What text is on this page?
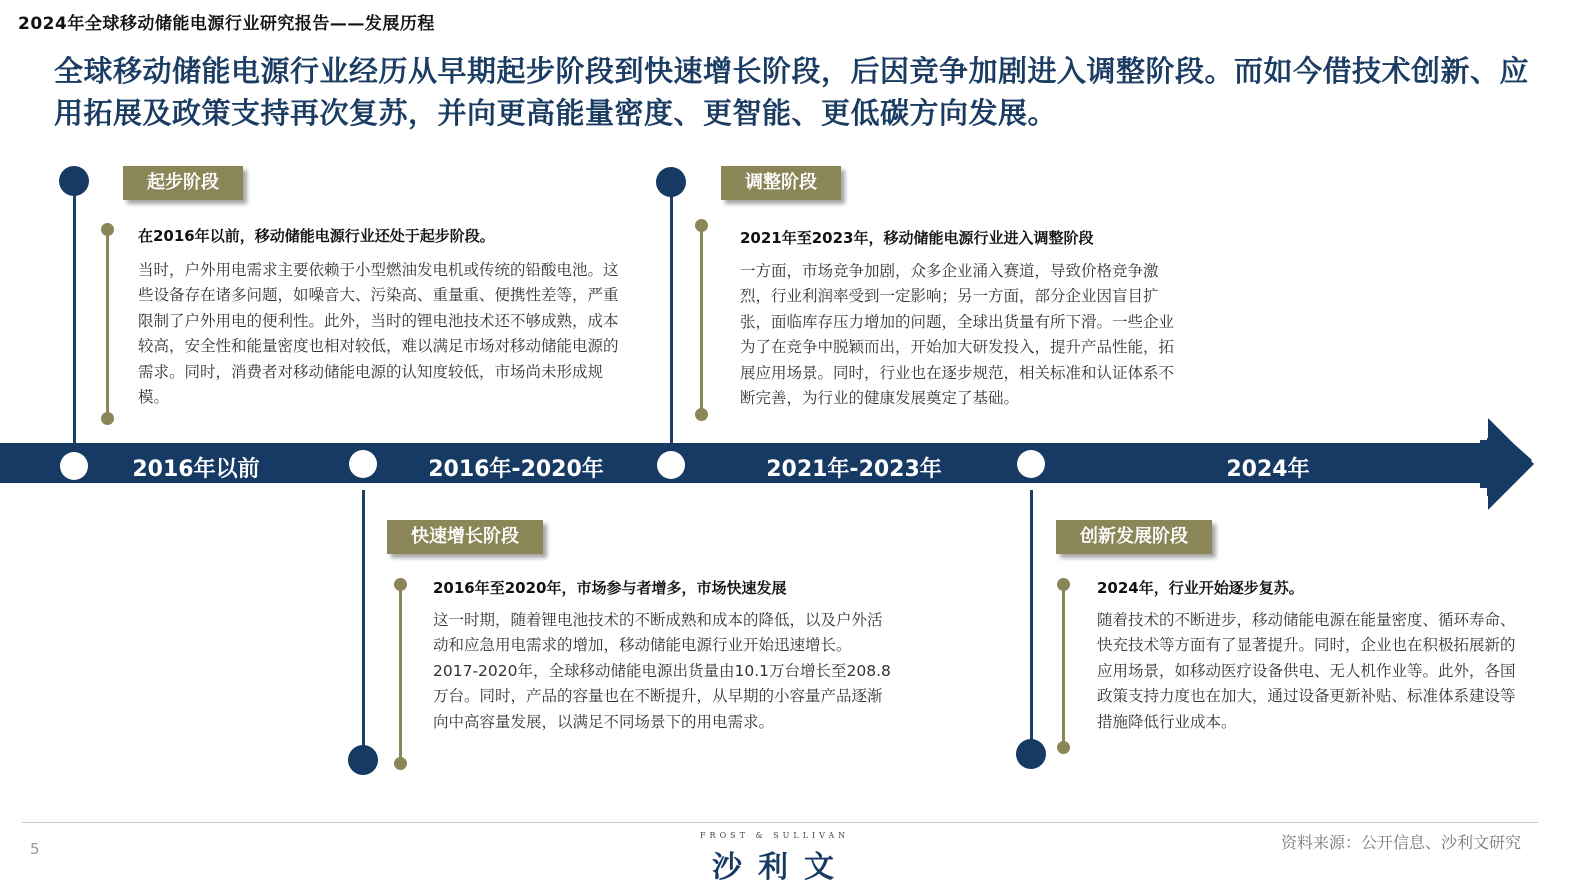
2024年全球移动储能电源行业研究报告——发展历程
全球移动储能电源行业经历从早期起步阶段到快速增长阶段，后因竞争加剧进入调整阶段。而如今借技术创新、应用拓展及政策支持再次复苏，并向更高能量密度、更智能、更低碳方向发展。
2016年以前	2016年-2020年	2021年-2023年	2024年
起步阶段
快速增长阶段
调整阶段
创新发展阶段
在2016年以前，移动储能电源行业还处于起步阶段。
当时，户外用电需求主要依赖于小型燃油发电机或传统的铅酸电池。这些设备存在诸多问题，如噪音大、污染高、重量重、便携性差等，严重限制了户外用电的便利性。此外，当时的锂电池技术还不够成熟，成本较高，安全性和能量密度也相对较低，难以满足市场对移动储能电源的需求。同时，消费者对移动储能电源的认知度较低，市场尚未形成规模。
2016年至2020年，市场参与者增多，市场快速发展
这一时期，随着锂电池技术的不断成熟和成本的降低，以及户外活动和应急用电需求的增加，移动储能电源行业开始迅速增长。2017-2020年，全球移动储能电源出货量由10.1万台增长至208.8万台。同时，产品的容量也在不断提升，从早期的小容量产品逐渐向中高容量发展，以满足不同场景下的用电需求。
2021年至2023年，移动储能电源行业进入调整阶段
一方面，市场竞争加剧，众多企业涌入赛道，导致价格竞争激烈，行业利润率受到一定影响；另一方面，部分企业因盲目扩张，面临库存压力增加的问题，全球出货量有所下滑。一些企业为了在竞争中脱颖而出，开始加大研发投入，提升产品性能，拓展应用场景。同时，行业也在逐步规范，相关标准和认证体系不断完善，为行业的健康发展奠定了基础。
2024年，行业开始逐步复苏。
随着技术的不断进步，移动储能电源在能量密度、循环寿命、快充技术等方面有了显著提升。同时，企业也在积极拓展新的应用场景，如移动医疗设备供电、无人机作业等。此外，各国政策支持力度也在加大，通过设备更新补贴、标准体系建设等措施降低行业成本。
5
FROST & SULLIVAN
沙利文
资料来源：公开信息、沙利文研究
